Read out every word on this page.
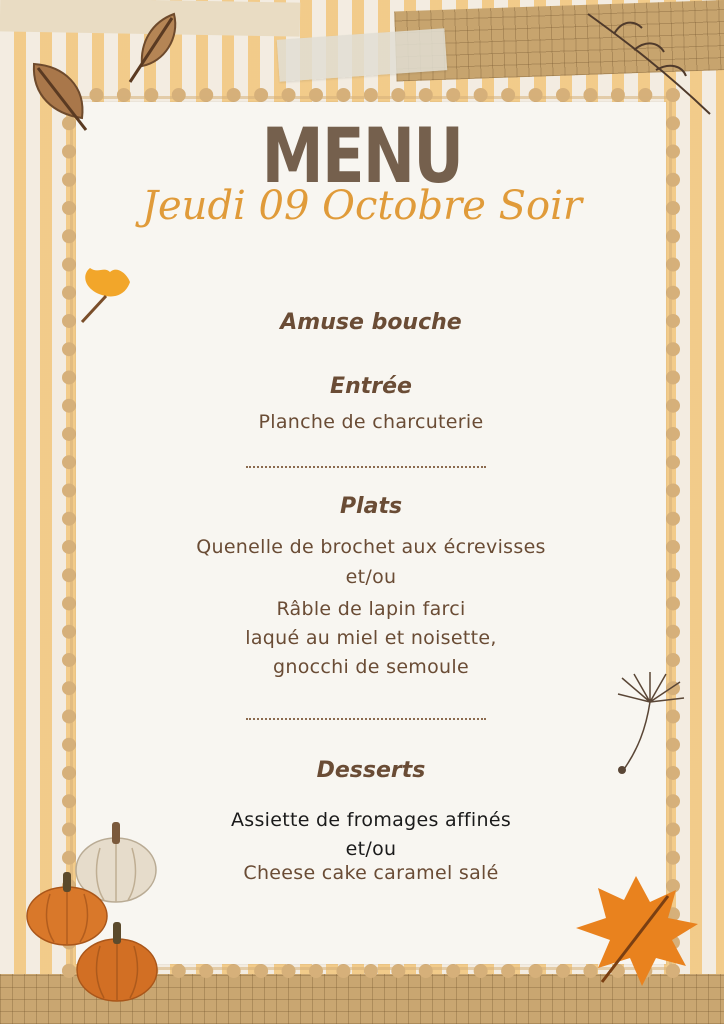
MENU
Jeudi 09 Octobre Soir
Amuse bouche
Entrée
Planche de charcuterie
Plats
Quenelle de brochet aux écrevisses
et/ou
Râble de lapin farci
laqué au miel et noisette,
gnocchi de semoule
Desserts
Assiette de fromages affinés
et/ou
Cheese cake caramel salé
